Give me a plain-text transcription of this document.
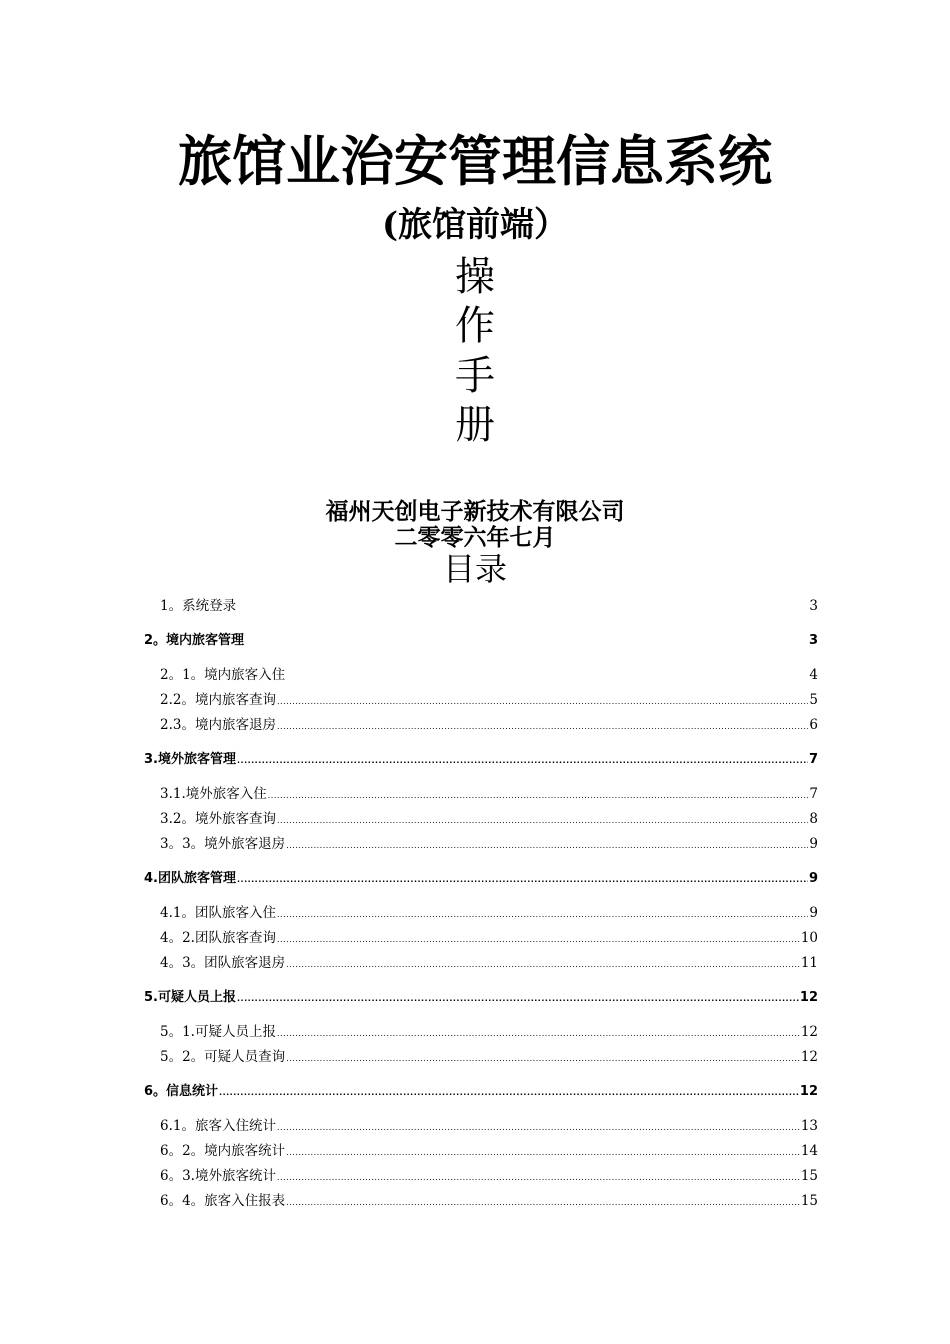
旅馆业治安管理信息系统
(旅馆前端）
操
作
手
册
福州天创电子新技术有限公司
二零零六年七月
目录
1。系统登录	3
2。境内旅客管理	3
2。1。境内旅客入住	4
2.2。境内旅客查询 .....	5
2.3。境内旅客退房 .....	6
3.境外旅客管理 .....	7
3.1.境外旅客入住 .....	7
3.2。境外旅客查询 .....	8
3。3。境外旅客退房 .....	9
4.团队旅客管理 .....	9
4.1。团队旅客入住 .....	9
4。2.团队旅客查询 .....	10
4。3。团队旅客退房 .....	11
5.可疑人员上报 .....	12
5。1.可疑人员上报 .....	12
5。2。可疑人员查询 .....	12
6。信息统计 .....	12
6.1。旅客入住统计 .....	13
6。2。境内旅客统计 .....	14
6。3.境外旅客统计 .....	15
6。4。旅客入住报表 .....	15
